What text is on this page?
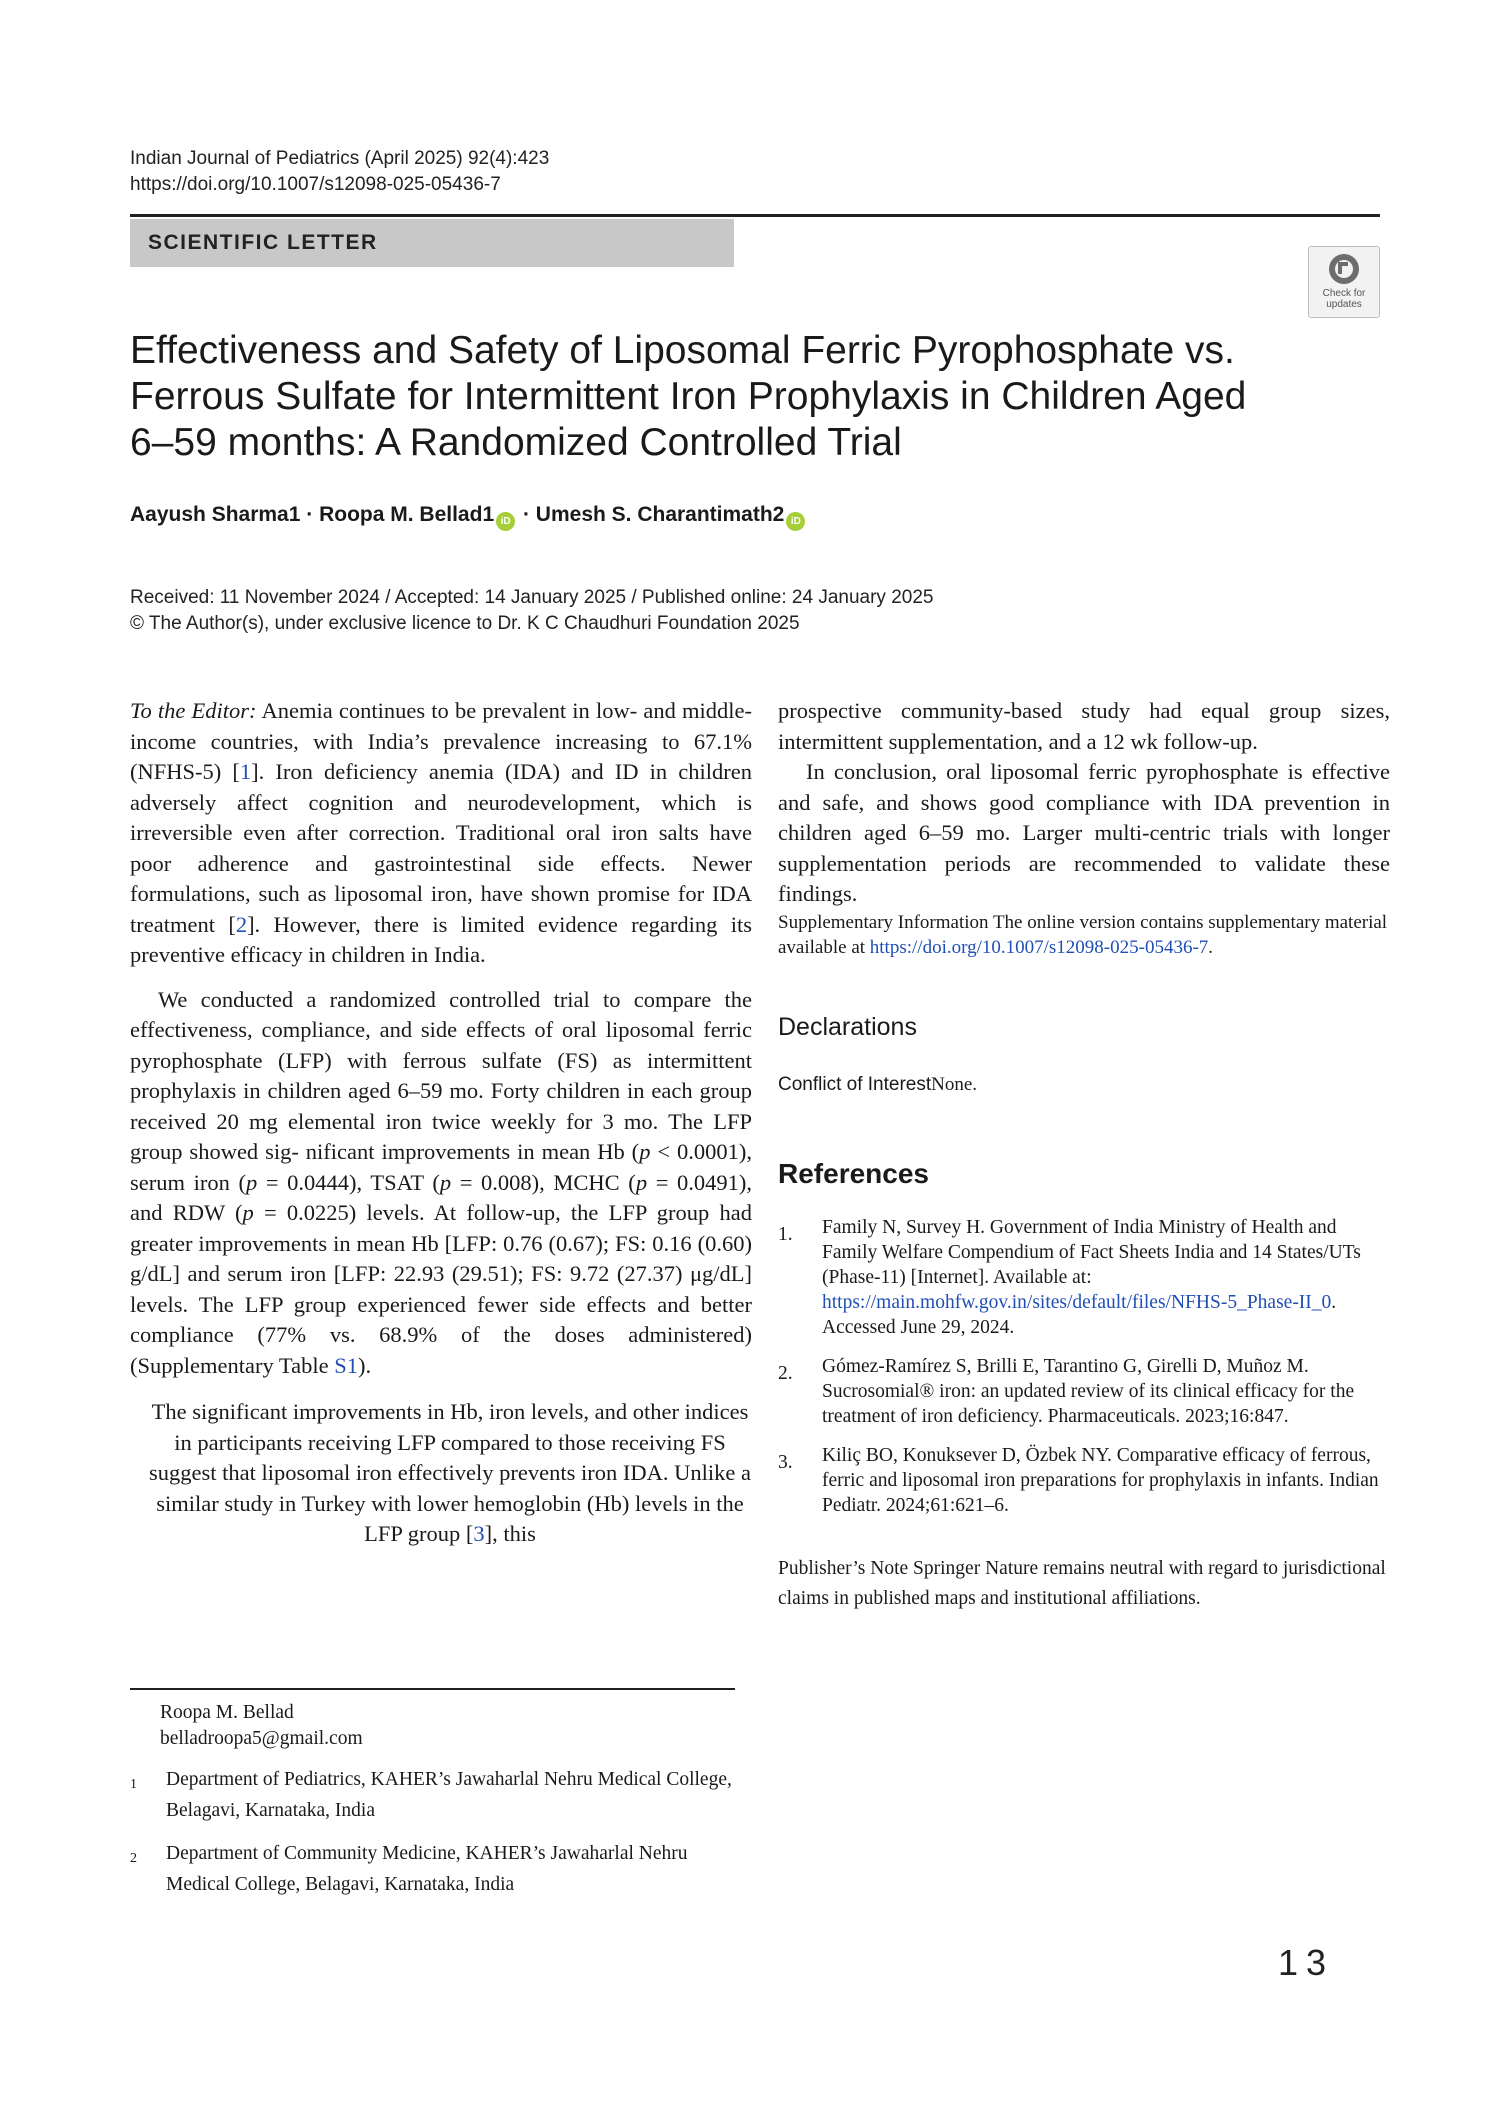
Indian Journal of Pediatrics (April 2025) 92(4):423
https://doi.org/10.1007/s12098-025-05436-7
SCIENTIFIC LETTER
Check for
updates
Effectiveness and Safety of Liposomal Ferric Pyrophosphate vs. Ferrous Sulfate for Intermittent Iron Prophylaxis in Children Aged 6–59 months: A Randomized Controlled Trial
Aayush Sharma1 · Roopa M. Bellad1 iD · Umesh S. Charantimath2 iD
Received: 11 November 2024 / Accepted: 14 January 2025 / Published online: 24 January 2025
© The Author(s), under exclusive licence to Dr. K C Chaudhuri Foundation 2025

To the Editor: Anemia continues to be prevalent in low- and middle-income countries, with India’s prevalence increasing to 67.1% (NFHS-5) [1]. Iron deficiency anemia (IDA) and ID in children adversely affect cognition and neurodevelopment, which is irreversible even after correction. Traditional oral iron salts have poor adherence and gastrointestinal side effects. Newer formulations, such as liposomal iron, have shown promise for IDA treatment [2]. However, there is limited evidence regarding its preventive efficacy in children in India.

We conducted a randomized controlled trial to compare the effectiveness, compliance, and side effects of oral liposomal ferric pyrophosphate (LFP) with ferrous sulfate (FS) as intermittent prophylaxis in children aged 6–59 mo. Forty children in each group received 20 mg elemental iron twice weekly for 3 mo. The LFP group showed sig- nificant improvements in mean Hb (p < 0.0001), serum iron (p = 0.0444), TSAT (p = 0.008), MCHC (p = 0.0491), and RDW (p = 0.0225) levels. At follow-up, the LFP group had greater improvements in mean Hb [LFP: 0.76 (0.67); FS: 0.16 (0.60) g/dL] and serum iron [LFP: 22.93 (29.51); FS: 9.72 (27.37) μg/dL] levels. The LFP group experienced fewer side effects and better compliance (77% vs. 68.9% of the doses administered) (Supplementary Table S1).

The significant improvements in Hb, iron levels, and other indices in participants receiving LFP compared to those receiving FS suggest that liposomal iron effectively prevents iron IDA. Unlike a similar study in Turkey with lower hemoglobin (Hb) levels in the LFP group [3], this

prospective community-based study had equal group sizes, intermittent supplementation, and a 12 wk follow-up.

In conclusion, oral liposomal ferric pyrophosphate is effective and safe, and shows good compliance with IDA prevention in children aged 6–59 mo. Larger multi-centric trials with longer supplementation periods are recommended to validate these findings.

Supplementary Information The online version contains supplementary material available at https://doi.org/10.1007/s12098-025-05436-7.

Declarations

Conflict of InterestNone.

References

1. Family N, Survey H. Government of India Ministry of Health and Family Welfare Compendium of Fact Sheets India and 14 States/UTs (Phase-11) [Internet]. Available at: https://main.mohfw.gov.in/sites/default/files/NFHS-5_Phase-II_0. Accessed June 29, 2024.
2. Gómez-Ramírez S, Brilli E, Tarantino G, Girelli D, Muñoz M. Sucrosomial® iron: an updated review of its clinical efficacy for the treatment of iron deficiency. Pharmaceuticals. 2023;16:847.
3. Kiliç BO, Konuksever D, Özbek NY. Comparative efficacy of ferrous, ferric and liposomal iron preparations for prophylaxis in infants. Indian Pediatr. 2024;61:621–6.

Publisher’s Note Springer Nature remains neutral with regard to jurisdictional claims in published maps and institutional affiliations.

Roopa M. Bellad
belladroopa5@gmail.com
1 Department of Pediatrics, KAHER’s Jawaharlal Nehru Medical College, Belagavi, Karnataka, India
2 Department of Community Medicine, KAHER’s Jawaharlal Nehru Medical College, Belagavi, Karnataka, India
13
